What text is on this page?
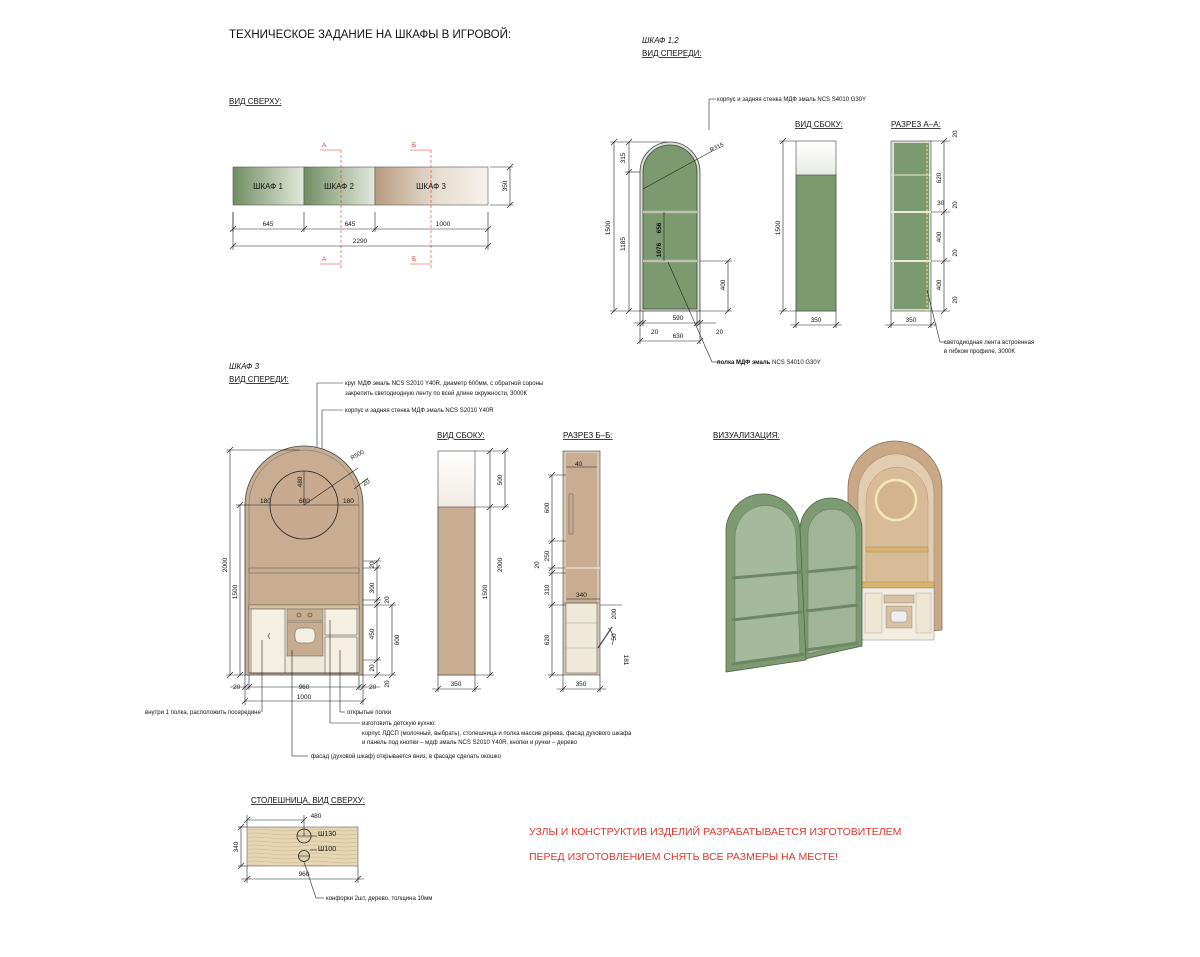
ТЕХНИЧЕСКОЕ ЗАДАНИЕ НА ШКАФЫ В ИГРОВОЙ:
ВИД СВЕРХУ:
ШКАФ 1	ШКАФ 2	ШКАФ 3
А	Б
А	Б
645	645	1000
2290
350
ШКАФ 1,2
ВИД СПЕРЕДИ:
R315
корпус и задняя стенка МДФ эмаль NCS S4010 G30Y
315
1500
1185
656
1076
400
20
590
20
630
полка МДФ эмаль NCS S4010 G30Y
ВИД СБОКУ:
1500
350
РАЗРЕЗ А–А:
20
620
30 20
400
20
400
20
350
светодиодная лента встроенная
в гибком профиле, 3000К
ШКАФ 3
ВИД СПЕРЕДИ:	круг МДФ эмаль NCS S2010 Y40R, диаметр 600мм, с обратной сороны
закрепить светодиодную ленту по всей длине окружности, 3000К
корпус и задняя стенка МДФ эмаль NCS S2010 Y40R
180	600	180
480
R500
20
2000
1500
20
300
20
450
600
20
20
20	960	20
1000
внутри 1 полка, расположить посередине	открытые полки
изготовить детскую кухню:
корпус ЛДСП (молочный, выбрать), столешница и полка массив дерева, фасад духового шкафа
и панель под кнопки – мдф эмаль NCS S2010 Y40R, кнопки и ручки – дерево
фасад (духовой шкаф) открывается вниз, в фасаде сделать окошко
ВИД СБОКУ:
500
2000
1500
350
РАЗРЕЗ Б–Б:
40
600
250
20
310
340
200
620	50
181
350
ВИЗУАЛИЗАЦИЯ:
СТОЛЕШНИЦА, ВИД СВЕРХУ:
Ш130
Ш100
480
340
960
конфорки 2шт, дерево, толщина 10мм
УЗЛЫ И КОНСТРУКТИВ ИЗДЕЛИЙ РАЗРАБАТЫВАЕТСЯ ИЗГОТОВИТЕЛЕМ
ПЕРЕД ИЗГОТОВЛЕНИЕМ СНЯТЬ ВСЕ РАЗМЕРЫ НА МЕСТЕ!
